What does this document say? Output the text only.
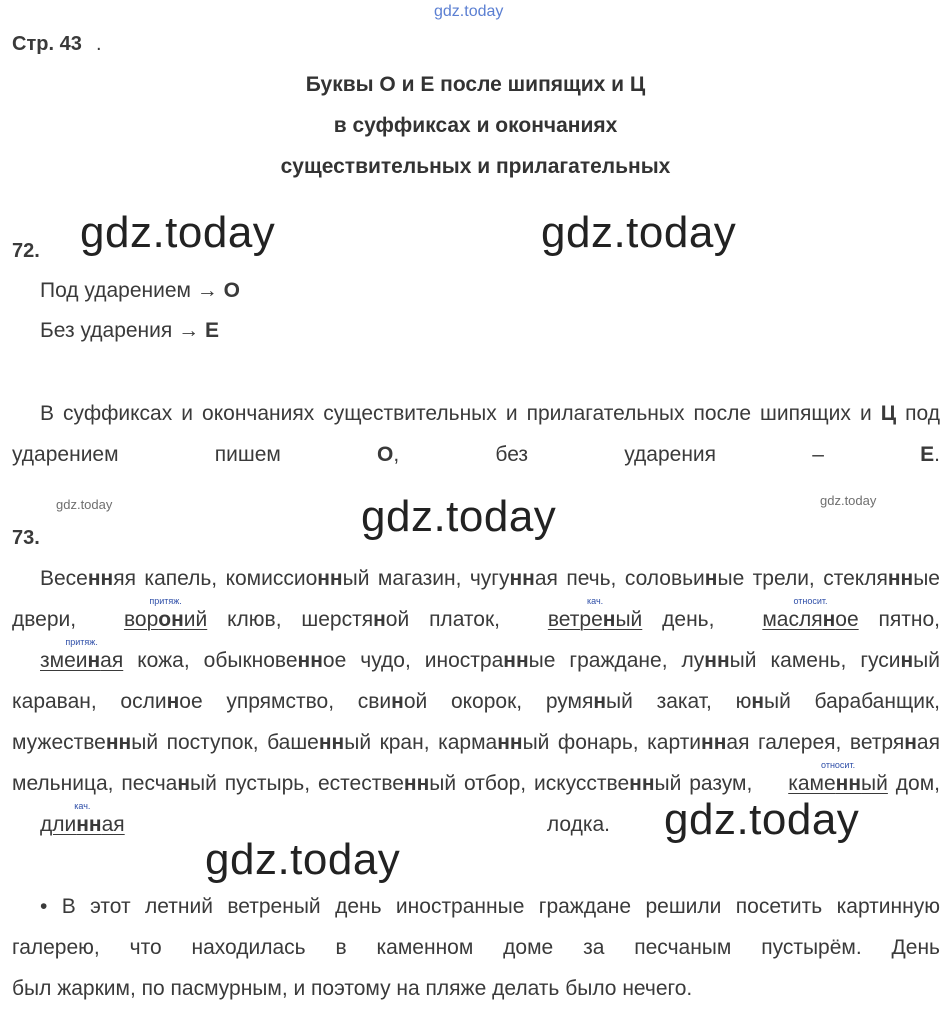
gdz.today
gdz.today	gdz.today
gdz.today	gdz.today
gdz.today
gdz.today
gdz.today
Стр. 43 .
Буквы О и Е после шипящих и Ц
в суффиксах и окончаниях
существительных и прилагательных
72.
Под ударением → О
Без ударения → Е
В суффиксах и окончаниях существительных и прилагательных после шипящих и Ц под ударением пишем	О, без ударения –	Е.
73.
Весенняя капель, комиссионный магазин, чугунная печь, соловьиные трели, стеклянные двери,
притяж.
вороний клюв, шерстяной платок,
кач.
ветреный день,
относит.
масляное пятно,
притяж.
змеиная кожа, обыкновенное чудо, иностранные граждане, лунный камень, гусиный караван, ослиное упрямство, свиной окорок, румяный закат, юный барабанщик, мужественный поступок, башенный кран, карманный фонарь, картинная галерея, ветряная мельница, песчаный пустырь, естественный отбор, искусственный разум,
относит.
каменный дом,
кач.
длинная лодка.
• В этот летний ветреный день иностранные граждане решили посетить картинную галерею, что находилась в каменном доме за песчаным пустырём. День
был жарким, по пасмурным, и поэтому на пляже делать было нечего.
